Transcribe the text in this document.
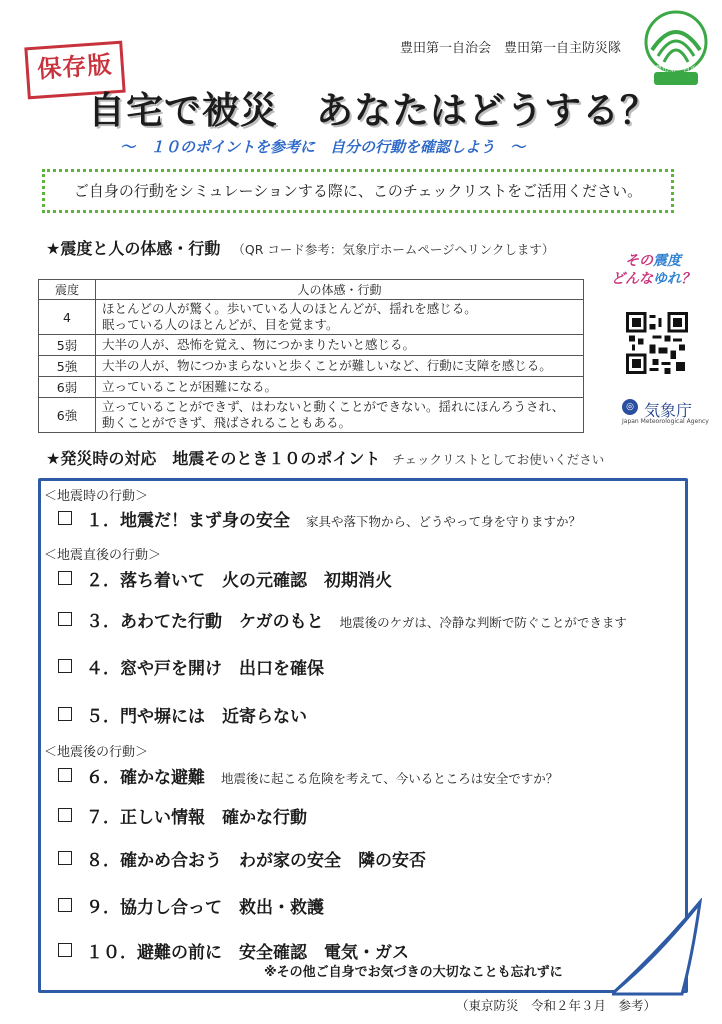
保存版
豊田第一自治会　豊田第一自主防災隊
豊田第一自治会
自宅で被災　あなたはどうする？
～　１０のポイントを参考に　自分の行動を確認しよう　～
ご自身の行動をシミュレーションする際に、このチェックリストをご活用ください。
★震度と人の体感・行動 （QR コード参考：気象庁ホームページへリンクします）
震度	人の体感・行動
4	ほとんどの人が驚く。歩いている人のほとんどが、揺れを感じる。
眠っている人のほとんどが、目を覚ます。

5弱	大半の人が、恐怖を覚え、物につかまりたいと感じる。
5強	大半の人が、物につかまらないと歩くことが難しいなど、行動に支障を感じる。
6弱	立っていることが困難になる。
6強	立っていることができず、はわないと動くことができない。揺れにほんろうされ、
動くことができず、飛ばされることもある。
その震度
どんなゆれ？
◎ 気象庁
Japan Meteorological Agency
★発災時の対応　地震そのとき１０のポイント チェックリストとしてお使いください
＜地震時の行動＞
１．地震だ！まず身の安全 家具や落下物から、どうやって身を守りますか？
＜地震直後の行動＞
２．落ち着いて　火の元確認　初期消火
３．あわてた行動　ケガのもと 地震後のケガは、冷静な判断で防ぐことができます
４．窓や戸を開け　出口を確保
５．門や塀には　近寄らない
＜地震後の行動＞
６．確かな避難 地震後に起こる危険を考えて、今いるところは安全ですか？
７．正しい情報　確かな行動
８．確かめ合おう　わが家の安全　隣の安否
９．協力し合って　救出・救護
１０．避難の前に　安全確認　電気・ガス
※その他ご自身でお気づきの大切なことも忘れずに
（東京防災　令和２年３月　参考）
